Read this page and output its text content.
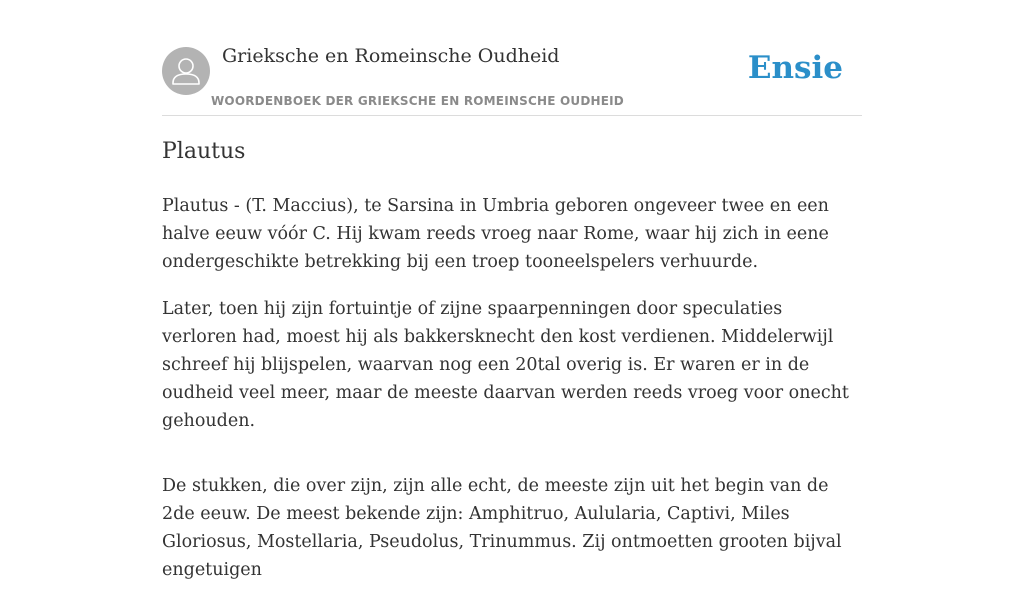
Grieksche en Romeinsche Oudheid
WOORDENBOEK DER GRIEKSCHE EN ROMEINSCHE OUDHEID
Ensie
Plautus

Plautus - (T. Maccius), te Sarsina in Umbria geboren ongeveer twee en een halve eeuw vóór C. Hij kwam reeds vroeg naar Rome, waar hij zich in eene ondergeschikte betrekking bij een troep tooneelspelers verhuurde.

Later, toen hij zijn fortuintje of zijne spaarpenningen door speculaties verloren had, moest hij als bakkersknecht den kost verdienen. Middelerwijl schreef hij blijspelen, waarvan nog een 20tal overig is. Er waren er in de oudheid veel meer, maar de meeste daarvan werden reeds vroeg voor onecht gehouden.

De stukken, die over zijn, zijn alle echt, de meeste zijn uit het begin van de 2de eeuw. De meest bekende zijn: Amphitruo, Aulularia, Captivi, Miles Gloriosus, Mostellaria, Pseudolus, Trinummus. Zij ontmoetten grooten bijval engetuigen
